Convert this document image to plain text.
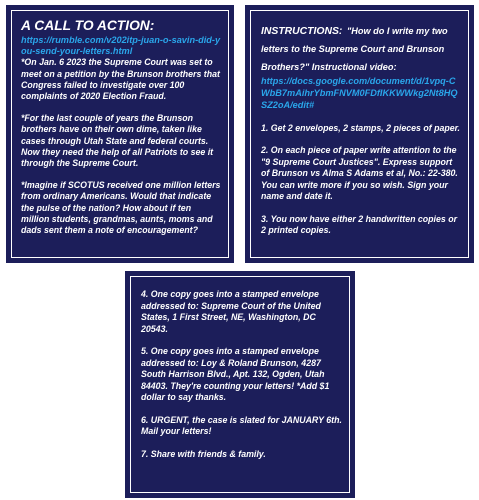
A CALL TO ACTION:
https://rumble.com/v202itp-juan-o-savin-did-you-send-your-letters.html

*On Jan. 6 2023 the Supreme Court was set to meet on a petition by the Brunson brothers that Congress failed to investigate over 100 complaints of 2020 Election Fraud.

*For the last couple of years the Brunson brothers have on their own dime, taken like cases through Utah State and federal courts. Now they need the help of all Patriots to see it through the Supreme Court.

*Imagine if SCOTUS received one million letters from ordinary Americans. Would that indicate the pulse of the nation? How about if ten million students, grandmas, aunts, moms and dads sent them a note of encouragement?

INSTRUCTIONS: "How do I write my two letters to the Supreme Court and Brunson Brothers?" Instructional video:
https://docs.google.com/document/d/1vpq-CWbB7mAihrYbmFNVM0FDfIKKWWkg2Nt8HQSZ2oA/edit#

1. Get 2 envelopes, 2 stamps, 2 pieces of paper.

2. On each piece of paper write attention to the "9 Supreme Court Justices". Express support of Brunson vs Alma S Adams et al, No.: 22-380. You can write more if you so wish. Sign your name and date it.

3. You now have either 2 handwritten copies or 2 printed copies.

4. One copy goes into a stamped envelope addressed to: Supreme Court of the United States, 1 First Street, NE, Washington, DC 20543.

5. One copy goes into a stamped envelope addressed to: Loy & Roland Brunson, 4287 South Harrison Blvd., Apt. 132, Ogden, Utah 84403. They're counting your letters! *Add $1 dollar to say thanks.

6. URGENT, the case is slated for JANUARY 6th. Mail your letters!

7. Share with friends & family.
